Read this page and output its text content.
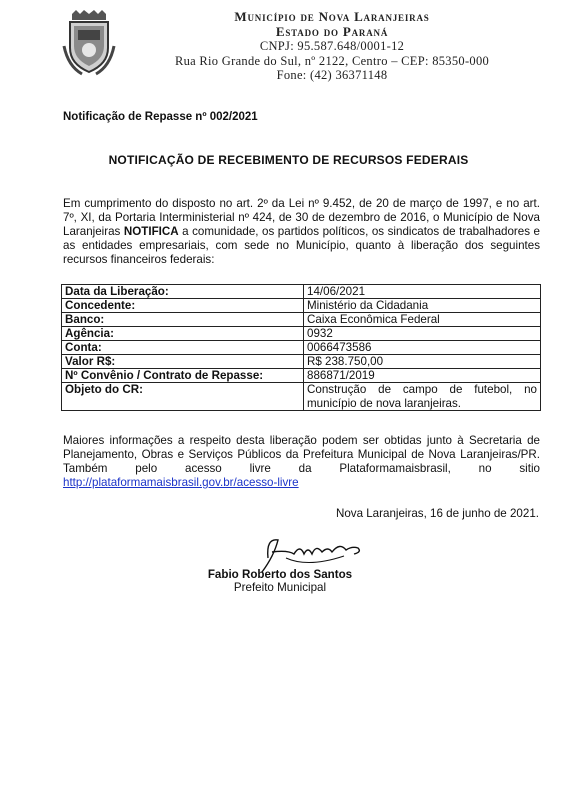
Município de Nova Laranjeiras
Estado do Paraná
CNPJ: 95.587.648/0001-12
Rua Rio Grande do Sul, nº 2122, Centro – CEP: 85350-000
Fone: (42) 36371148
Notificação de Repasse nº 002/2021
NOTIFICAÇÃO DE RECEBIMENTO DE RECURSOS FEDERAIS

Em cumprimento do disposto no art. 2º da Lei nº 9.452, de 20 de março de 1997, e no art. 7º, XI, da Portaria Interministerial nº 424, de 30 de dezembro de 2016, o Município de Nova Laranjeiras NOTIFICA a comunidade, os partidos políticos, os sindicatos de trabalhadores e as entidades empresariais, com sede no Município, quanto à liberação dos seguintes recursos financeiros federais:

Data da Liberação:	14/06/2021
Concedente:	Ministério da Cidadania
Banco:	Caixa Econômica Federal
Agência:	0932
Conta:	0066473586
Valor R$:	R$ 238.750,00
Nº Convênio / Contrato de Repasse:	886871/2019
Objeto do CR:	Construção de campo de futebol, no município de nova laranjeiras.

Maiores informações a respeito desta liberação podem ser obtidas junto à Secretaria de Planejamento, Obras e Serviços Públicos da Prefeitura Municipal de Nova Laranjeiras/PR. Também pelo acesso livre da Plataformamaisbrasil, no sitio http://plataformamaisbrasil.gov.br/acesso-livre

Nova Laranjeiras, 16 de junho de 2021.
Fabio Roberto dos Santos
Prefeito Municipal
